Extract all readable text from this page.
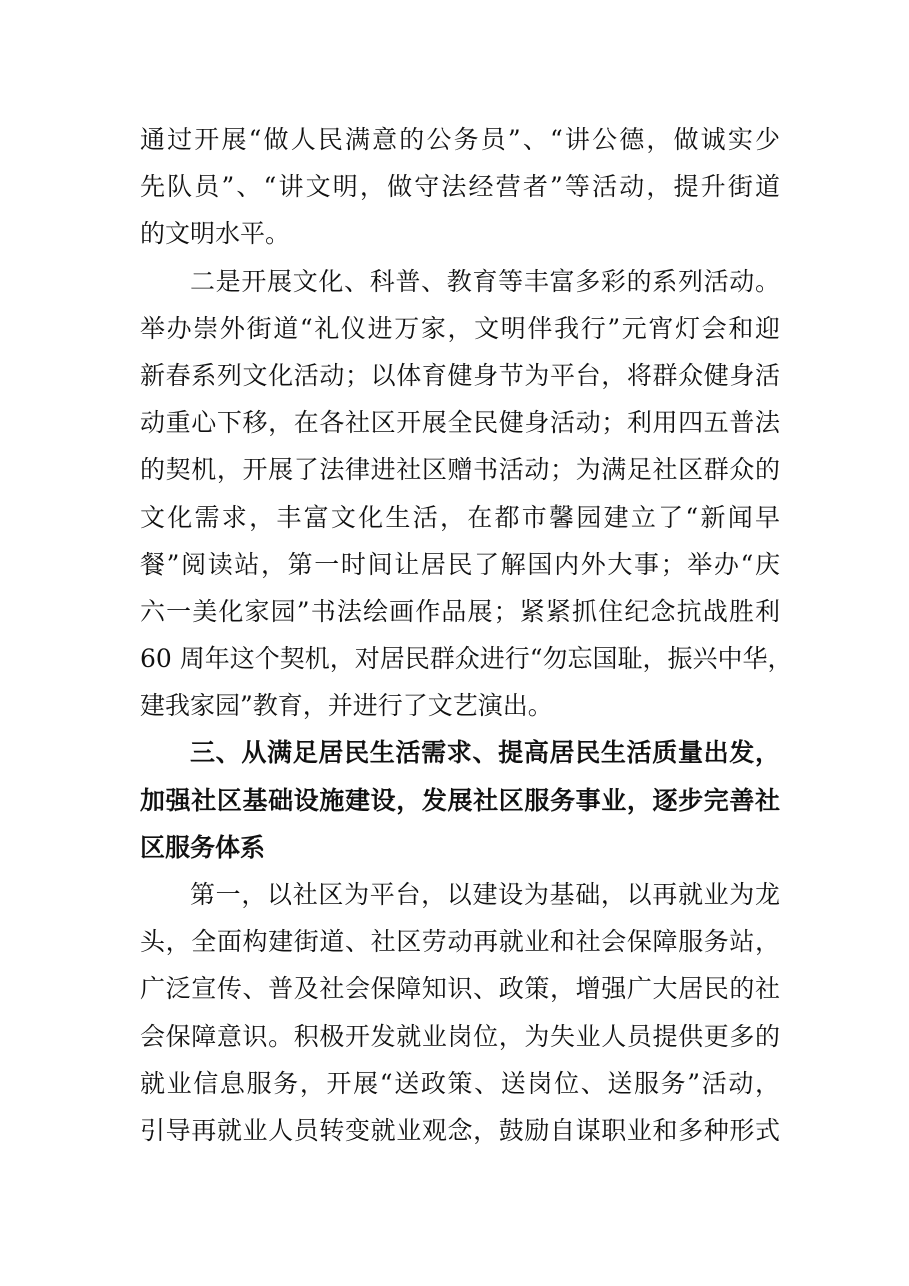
通过开展“做人民满意的公务员”、“讲公德，做诚实少
先队员”、“讲文明，做守法经营者”等活动，提升街道
的文明水平。
二是开展文化、科普、教育等丰富多彩的系列活动。
举办崇外街道“礼仪进万家，文明伴我行”元宵灯会和迎
新春系列文化活动；以体育健身节为平台，将群众健身活
动重心下移，在各社区开展全民健身活动；利用四五普法
的契机，开展了法律进社区赠书活动；为满足社区群众的
文化需求，丰富文化生活，在都市馨园建立了“新闻早
餐”阅读站，第一时间让居民了解国内外大事；举办“庆
六一美化家园”书法绘画作品展；紧紧抓住纪念抗战胜利
60 周年这个契机，对居民群众进行“勿忘国耻，振兴中华，
建我家园”教育，并进行了文艺演出。
三、从满足居民生活需求、提高居民生活质量出发，
加强社区基础设施建设，发展社区服务事业，逐步完善社
区服务体系
第一，以社区为平台，以建设为基础，以再就业为龙
头，全面构建街道、社区劳动再就业和社会保障服务站，
广泛宣传、普及社会保障知识、政策，增强广大居民的社
会保障意识。积极开发就业岗位，为失业人员提供更多的
就业信息服务，开展“送政策、送岗位、送服务”活动，
引导再就业人员转变就业观念，鼓励自谋职业和多种形式
